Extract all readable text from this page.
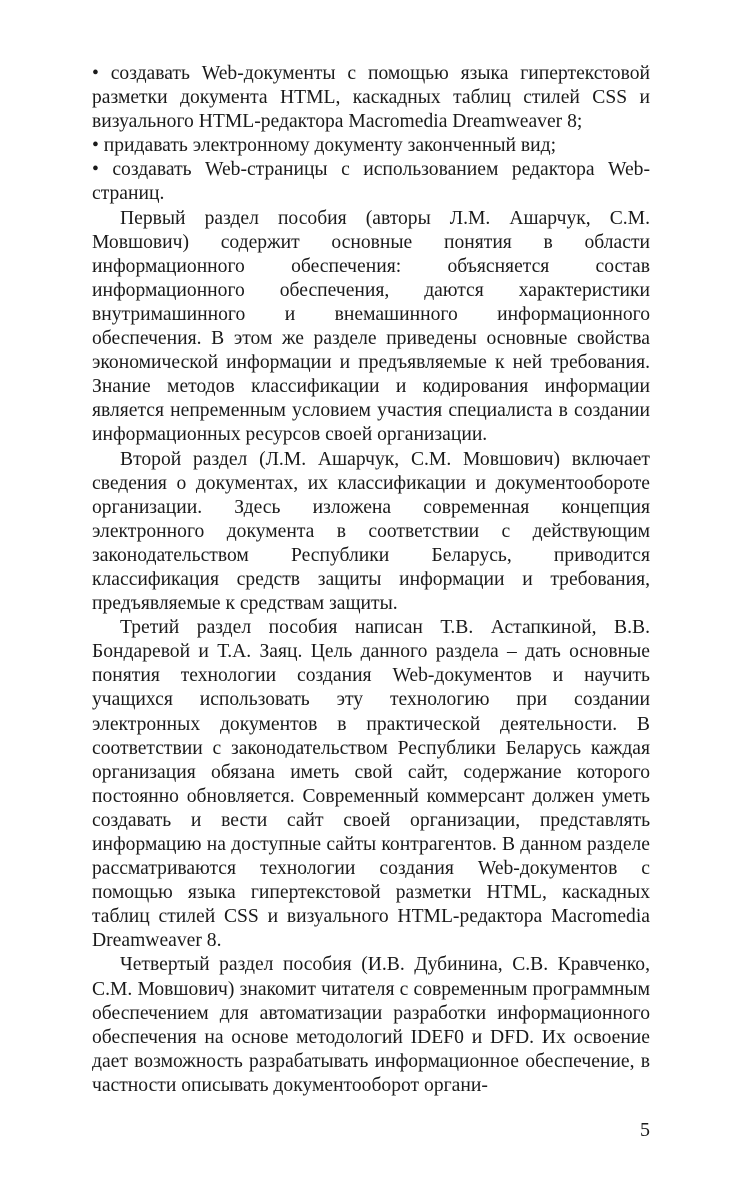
• создавать Web-документы с помощью языка гипертекстовой разметки документа HTML, каскадных таблиц стилей CSS и визуального HTML-редактора Macromedia Dreamweaver 8;

• придавать электронному документу законченный вид;

• создавать Web-страницы с использованием редактора Web-страниц.

Первый раздел пособия (авторы Л.М. Ашарчук, С.М. Мовшович) содержит основные понятия в области информационного обеспечения: объясняется состав информационного обеспечения, даются характеристики внутримашинного и внемашинного информационного обеспечения. В этом же разделе приведены основные свойства экономической информации и предъявляемые к ней требования. Знание методов классификации и кодирования информации является непременным условием участия специалиста в создании информационных ресурсов своей организации.

Второй раздел (Л.М. Ашарчук, С.М. Мовшович) включает сведения о документах, их классификации и документообороте организации. Здесь изложена современная концепция электронного документа в соответствии с действующим законодательством Республики Беларусь, приводится классификация средств защиты информации и требования, предъявляемые к средствам защиты.

Третий раздел пособия написан Т.В. Астапкиной, В.В. Бондаревой и Т.А. Заяц. Цель данного раздела – дать основные понятия технологии создания Web-документов и научить учащихся использовать эту технологию при создании электронных документов в практической деятельности. В соответствии с законодательством Республики Беларусь каждая организация обязана иметь свой сайт, содержание которого постоянно обновляется. Современный коммерсант должен уметь создавать и вести сайт своей организации, представлять информацию на доступные сайты контрагентов. В данном разделе рассматриваются технологии создания Web-документов с помощью языка гипертекстовой разметки HTML, каскадных таблиц стилей CSS и визуального HTML-редактора Macromedia Dreamweaver 8.

Четвертый раздел пособия (И.В. Дубинина, С.В. Кравченко, С.М. Мовшович) знакомит читателя с современным программным обеспечением для автоматизации разработки информационного обеспечения на основе методологий IDEF0 и DFD. Их освоение дает возможность разрабатывать информационное обеспечение, в частности описывать документооборот органи-

5
